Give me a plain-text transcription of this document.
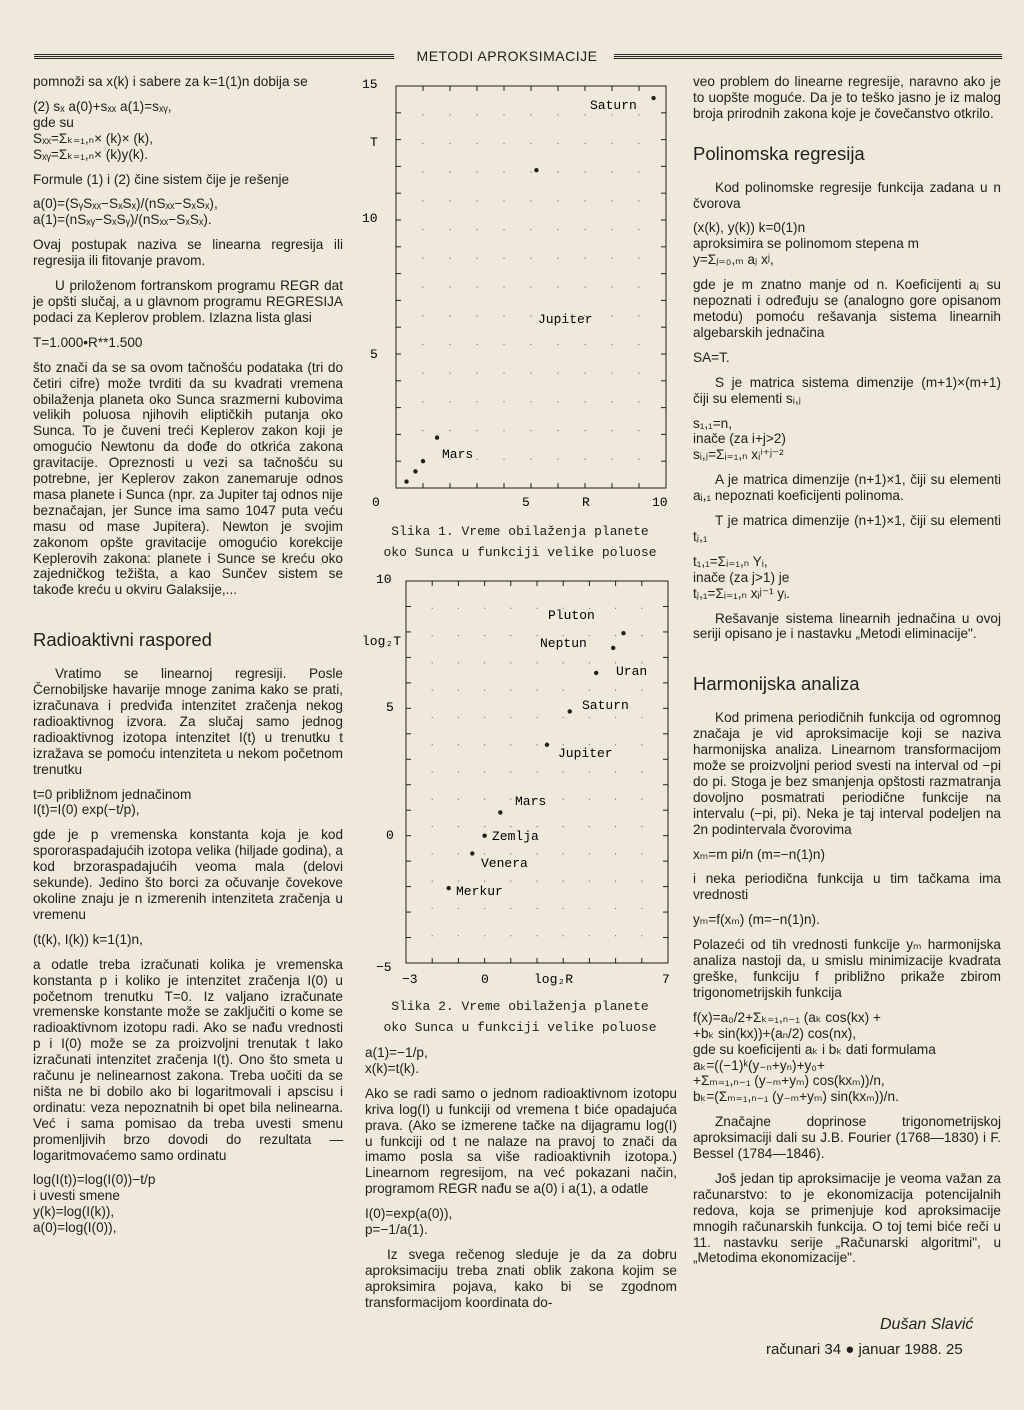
METODI APROKSIMACIJE

pomnoži sa x(k) i sabere za k=1(1)n dobija se

(2) sₓ a(0)+sₓₓ a(1)=sₓᵧ,
gde su
Sₓₓ=Σₖ₌₁,ₙ× (k)× (k),
Sₓᵧ=Σₖ₌₁,ₙ× (k)y(k).

Formule (1) i (2) čine sistem čije je rešenje

a(0)=(SᵧSₓₓ−SₓSₓ)/(nSₓₓ−SₓSₓ),
a(1)=(nSₓᵧ−SₓSᵧ)/(nSₓₓ−SₓSₓ).

Ovaj postupak naziva se linearna regresija ili regresija ili fitovanje pravom.

U priloženom fortranskom programu REGR dat je opšti slučaj, a u glavnom programu REGRESIJA podaci za Keplerov problem. Izlazna lista glasi

T=1.000•R**1.500

što znači da se sa ovom tačnošću podataka (tri do četiri cifre) može tvrditi da su kvadrati vremena obilaženja planeta oko Sunca srazmerni kubovima velikih poluosa njihovih eliptičkih putanja oko Sunca. To je čuveni treći Keplerov zakon koji je omogućio Newtonu da dođe do otkrića zakona gravitacije. Opreznosti u vezi sa tačnošću su potrebne, jer Keplerov zakon zanemaruje odnos masa planete i Sunca (npr. za Jupiter taj odnos nije beznačajan, jer Sunce ima samo 1047 puta veću masu od mase Jupitera). Newton je svojim zakonom opšte gravitacije omogućio korekcije Keplerovih zakona: planete i Sunce se kreću oko zajedničkog težišta, a kao Sunčev sistem se takođe kreću u okviru Galaksije,...

Radioaktivni raspored

Vratimo se linearnoj regresiji. Posle Černobiljske havarije mnoge zanima kako se prati, izračunava i predviđa intenzitet zračenja nekog radioaktivnog izvora. Za slučaj samo jednog radioaktivnog izotopa intenzitet I(t) u trenutku t izražava se pomoću intenziteta u nekom početnom trenutku

t=0 približnom jednačinom
I(t)=I(0) exp(−t/p),

gde je p vremenska konstanta koja je kod spororaspadajućih izotopa velika (hiljade godina), a kod brzoraspadajućih veoma mala (delovi sekunde). Jedino što borci za očuvanje čovekove okoline znaju je n izmerenih intenziteta zračenja u vremenu

(t(k), I(k)) k=1(1)n,

a odatle treba izračunati kolika je vremenska konstanta p i koliko je intenzitet zračenja I(0) u početnom trenutku T=0. Iz valjano izračunate vremenske konstante može se zaključiti o kome se radioaktivnom izotopu radi. Ako se nađu vrednosti p i I(0) može se za proizvoljni trenutak t lako izračunati intenzitet zračenja I(t). Ono što smeta u računu je nelinearnost zakona. Treba uočiti da se ništa ne bi dobilo ako bi logaritmovali i apscisu i ordinatu: veza nepoznatnih bi opet bila nelinearna. Već i sama pomisao da treba uvesti smenu promenljivih brzo dovodi do rezultata — logaritmovaćemo samo ordinatu

log(I(t))=log(I(0))−t/p
i uvesti smene
y(k)=log(I(k)),
a(0)=log(I(0)),
15
10
5
T
0	5	R	10
Saturn
Jupiter
Mars
Slika 1. Vreme obilaženja planete
oko Sunca u funkciji velike poluose
10
log₂T
5
0
−5
−3	0	log₂R	7
Pluton
Neptun
Uran
Saturn
Jupiter
Mars
Zemlja
Venera
Merkur
Slika 2. Vreme obilaženja planete
oko Sunca u funkciji velike poluose
a(1)=−1/p,
x(k)=t(k).

Ako se radi samo o jednom radioaktivnom izotopu kriva log(I) u funkciji od vremena t biće opadajuća prava. (Ako se izmerene tačke na dijagramu log(I) u funkciji od t ne nalaze na pravoj to znači da imamo posla sa više radioaktivnih izotopa.) Linearnom regresijom, na već pokazani način, programom REGR nađu se a(0) i a(1), a odatle

I(0)=exp(a(0)),
p=−1/a(1).

Iz svega rečenog sleduje je da za dobru aproksimaciju treba znati oblik zakona kojim se aproksimira pojava, kako bi se zgodnom transformacijom koordinata do-

veo problem do linearne regresije, naravno ako je to uopšte moguće. Da je to teško jasno je iz malog broja prirodnih zakona koje je čovečanstvo otkrilo.

Polinomska regresija

Kod polinomske regresije funkcija zadana u n čvorova

(x(k), y(k)) k=0(1)n
aproksimira se polinomom stepena m
y=Σⱼ₌₀,ₘ aⱼ xʲ,

gde je m znatno manje od n. Koeficijenti aⱼ su nepoznati i određuju se (analogno gore opisanom metodu) pomoću rešavanja sistema linearnih algebarskih jednačina

SA=T.

S je matrica sistema dimenzije (m+1)×(m+1) čiji su elementi sᵢ,ⱼ

s₁,₁=n,
inače (za i+j>2)
sᵢ,ⱼ=Σᵢ₌₁,ₙ xᵢⁱ⁺ʲ⁻²

A je matrica dimenzije (n+1)×1, čiji su elementi aᵢ,₁ nepoznati koeficijenti polinoma.

T je matrica dimenzije (n+1)×1, čiji su elementi tⱼ,₁

t₁,₁=Σᵢ₌₁,ₙ Yᵢ,
inače (za j>1) je
tⱼ,₁=Σᵢ₌₁,ₙ xᵢʲ⁻¹ yᵢ.

Rešavanje sistema linearnih jednačina u ovoj seriji opisano je i nastavku „Metodi eliminacije".

Harmonijska analiza

Kod primena periodičnih funkcija od ogromnog značaja je vid aproksimacije koji se naziva harmonijska analiza. Linearnom transformacijom može se proizvoljni period svesti na interval od −pi do pi. Stoga je bez smanjenja opštosti razmatranja dovoljno posmatrati periodične funkcije na intervalu (−pi, pi). Neka je taj interval podeljen na 2n podintervala čvorovima

xₘ=m pi/n (m=−n(1)n)

i neka periodična funkcija u tim tačkama ima vrednosti

yₘ=f(xₘ) (m=−n(1)n).

Polazeći od tih vrednosti funkcije yₘ harmonijska analiza nastoji da, u smislu minimizacije kvadrata greške, funkciju f približno prikaže zbirom trigonometrijskih funkcija

f(x)=a₀/2+Σₖ₌₁,ₙ₋₁ (aₖ cos(kx) +
+bₖ sin(kx))+(aₙ/2) cos(nx),
gde su koeficijenti aₖ i bₖ dati formulama
aₖ=((−1)ᵏ(y₋ₙ+yₙ)+y₀+
+Σₘ₌₁,ₙ₋₁ (y₋ₘ+yₘ) cos(kxₘ))/n,
bₖ=(Σₘ₌₁,ₙ₋₁ (y₋ₘ+yₘ) sin(kxₘ))/n.

Značajne doprinose trigonometrijskoj aproksimaciji dali su J.B. Fourier (1768—1830) i F. Bessel (1784—1846).

Još jedan tip aproksimacije je veoma važan za računarstvo: to je ekonomizacija potencijalnih redova, koja se primenjuje kod aproksimacije mnogih računarskih funkcija. O toj temi biće reči u 11. nastavku serije „Računarski algoritmi", u „Metodima ekonomizacije".

Dušan Slavić
računari 34 ● januar 1988. 25
